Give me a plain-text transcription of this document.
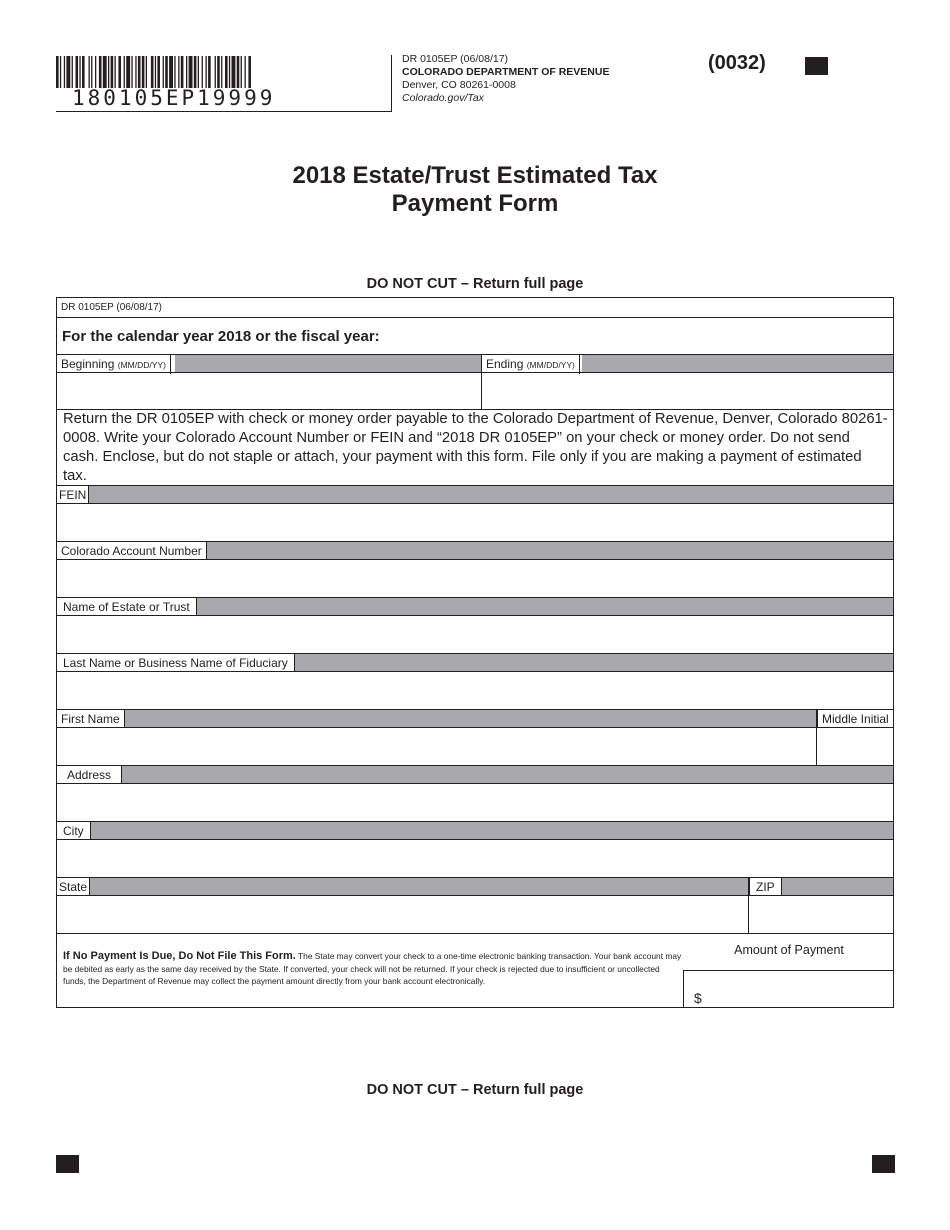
180105EP19999
DR 0105EP (06/08/17)
COLORADO DEPARTMENT OF REVENUE
Denver, CO 80261-0008
Colorado.gov/Tax
(0032)
2018 Estate/Trust Estimated Tax
Payment Form
DO NOT CUT – Return full page
DR 0105EP (06/08/17)
For the calendar year 2018 or the fiscal year:
Beginning (MM/DD/YY)	Ending (MM/DD/YY)
Return the DR 0105EP with check or money order payable to the Colorado Department of Revenue, Denver, Colorado 80261-0008. Write your Colorado Account Number or FEIN and “2018 DR 0105EP” on your check or money order. Do not send cash. Enclose, but do not staple or attach, your payment with this form. File only if you are making a payment of estimated tax.
FEIN
Colorado Account Number
Name of Estate or Trust
Last Name or Business Name of Fiduciary
First Name	Middle Initial
Address
City
State	ZIP
If No Payment Is Due, Do Not File This Form. The State may convert your check to a one-time electronic banking transaction. Your bank account may be debited as early as the same day received by the State. If converted, your check will not be returned. If your check is rejected due to insufficient or uncollected funds, the Department of Revenue may collect the payment amount directly from your bank account electronically.
Amount of Payment
$
DO NOT CUT – Return full page
